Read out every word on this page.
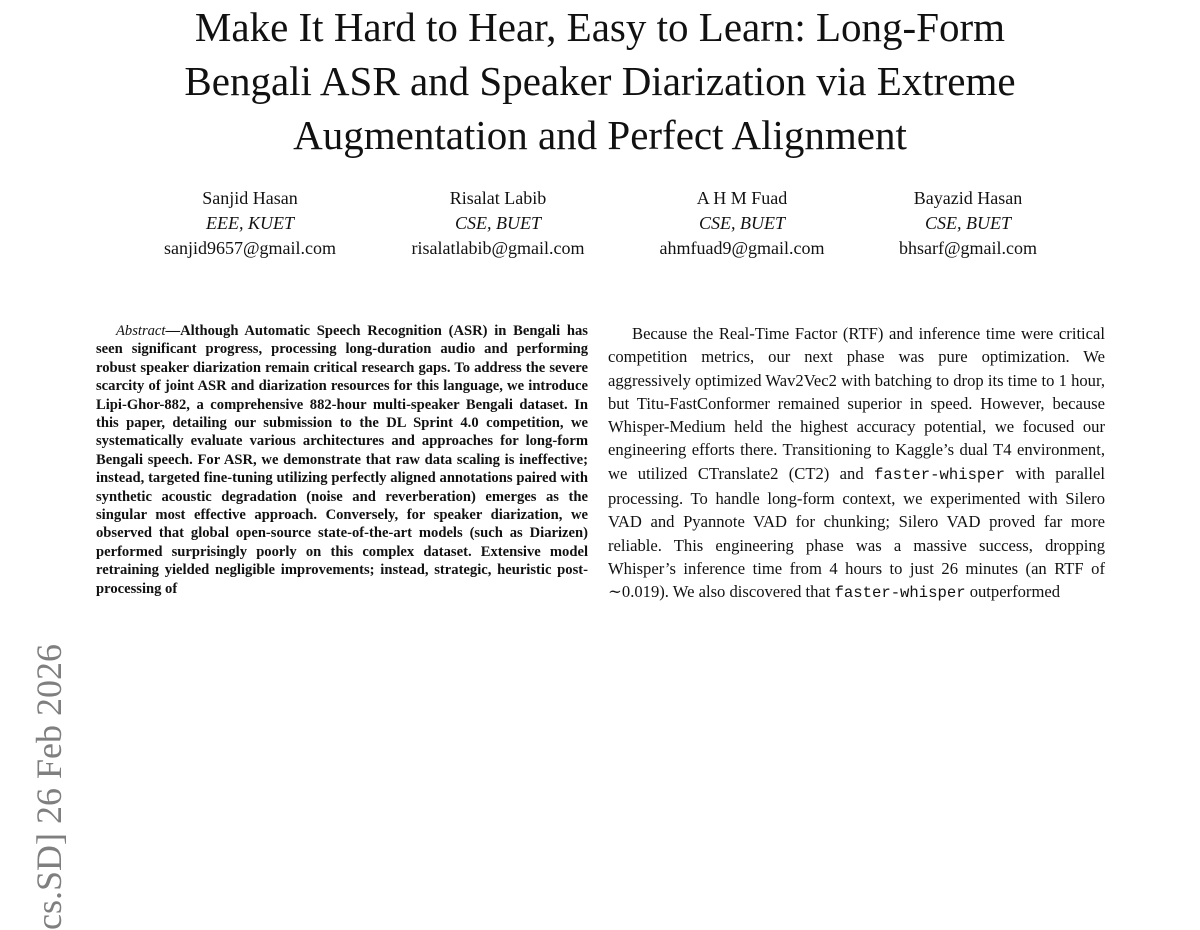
Make It Hard to Hear, Easy to Learn: Long-Form
Bengali ASR and Speaker Diarization via Extreme
Augmentation and Perfect Alignment
Sanjid Hasan
EEE, KUET
sanjid9657@gmail.com
Risalat Labib
CSE, BUET
risalatlabib@gmail.com
A H M Fuad
CSE, BUET
ahmfuad9@gmail.com
Bayazid Hasan
CSE, BUET
bhsarf@gmail.com
cs.SD] 26 Feb 2026

Abstract—Although Automatic Speech Recognition (ASR) in Bengali has seen significant progress, processing long-duration audio and performing robust speaker diarization remain critical research gaps. To address the severe scarcity of joint ASR and diarization resources for this language, we introduce Lipi-Ghor-882, a comprehensive 882-hour multi-speaker Bengali dataset. In this paper, detailing our submission to the DL Sprint 4.0 competition, we systematically evaluate various architectures and approaches for long-form Bengali speech. For ASR, we demonstrate that raw data scaling is ineffective; instead, targeted fine-tuning utilizing perfectly aligned annotations paired with synthetic acoustic degradation (noise and reverberation) emerges as the singular most effective approach. Conversely, for speaker diarization, we observed that global open-source state-of-the-art models (such as Diarizen) performed surprisingly poorly on this complex dataset. Extensive model retraining yielded negligible improvements; instead, strategic, heuristic post-processing of

Because the Real-Time Factor (RTF) and inference time were critical competition metrics, our next phase was pure optimization. We aggressively optimized Wav2Vec2 with batching to drop its time to 1 hour, but Titu-FastConformer remained superior in speed. However, because Whisper-Medium held the highest accuracy potential, we focused our engineering efforts there. Transitioning to Kaggle’s dual T4 environment, we utilized CTranslate2 (CT2) and faster-whisper with parallel processing. To handle long-form context, we experimented with Silero VAD and Pyannote VAD for chunking; Silero VAD proved far more reliable. This engineering phase was a massive success, dropping Whisper’s inference time from 4 hours to just 26 minutes (an RTF of ∼0.019). We also discovered that faster-whisper outperformed
